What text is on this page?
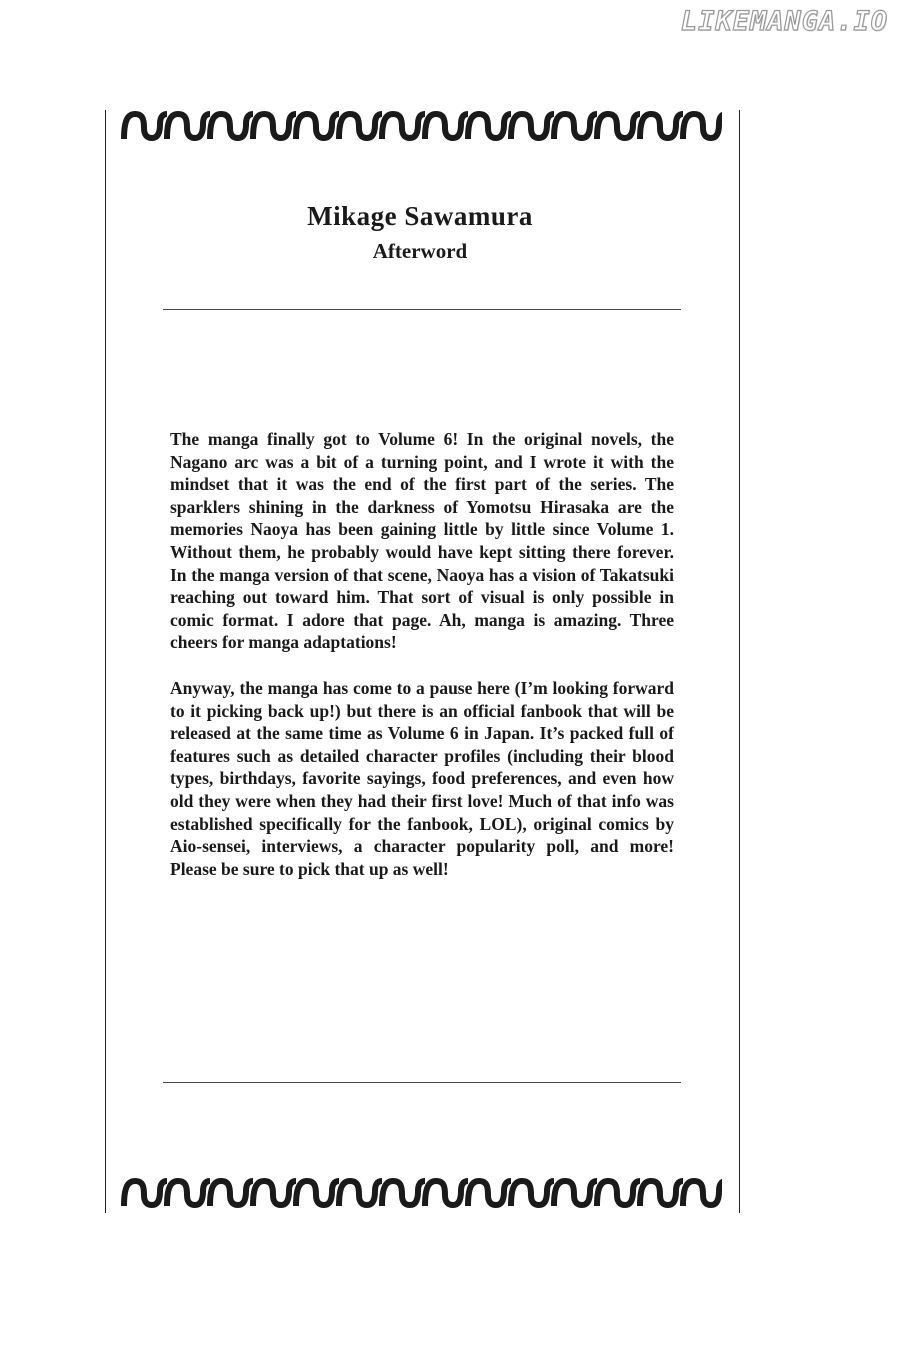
LIKEMANGA.IO
Mikage Sawamura
Afterword

The manga finally got to Volume 6! In the original novels, the Nagano arc was a bit of a turning point, and I wrote it with the mindset that it was the end of the first part of the series. The sparklers shining in the darkness of Yomotsu Hirasaka are the memories Naoya has been gaining little by little since Volume 1. Without them, he probably would have kept sitting there forever. In the manga version of that scene, Naoya has a vision of Takatsuki reaching out toward him. That sort of visual is only possible in comic format. I adore that page. Ah, manga is amazing. Three cheers for manga adaptations!

Anyway, the manga has come to a pause here (I’m looking forward to it picking back up!) but there is an official fanbook that will be released at the same time as Volume 6 in Japan. It’s packed full of features such as detailed character profiles (including their blood types, birthdays, favorite sayings, food preferences, and even how old they were when they had their first love! Much of that info was established specifically for the fanbook, LOL), original comics by Aio-sensei, interviews, a character popularity poll, and more! Please be sure to pick that up as well!
